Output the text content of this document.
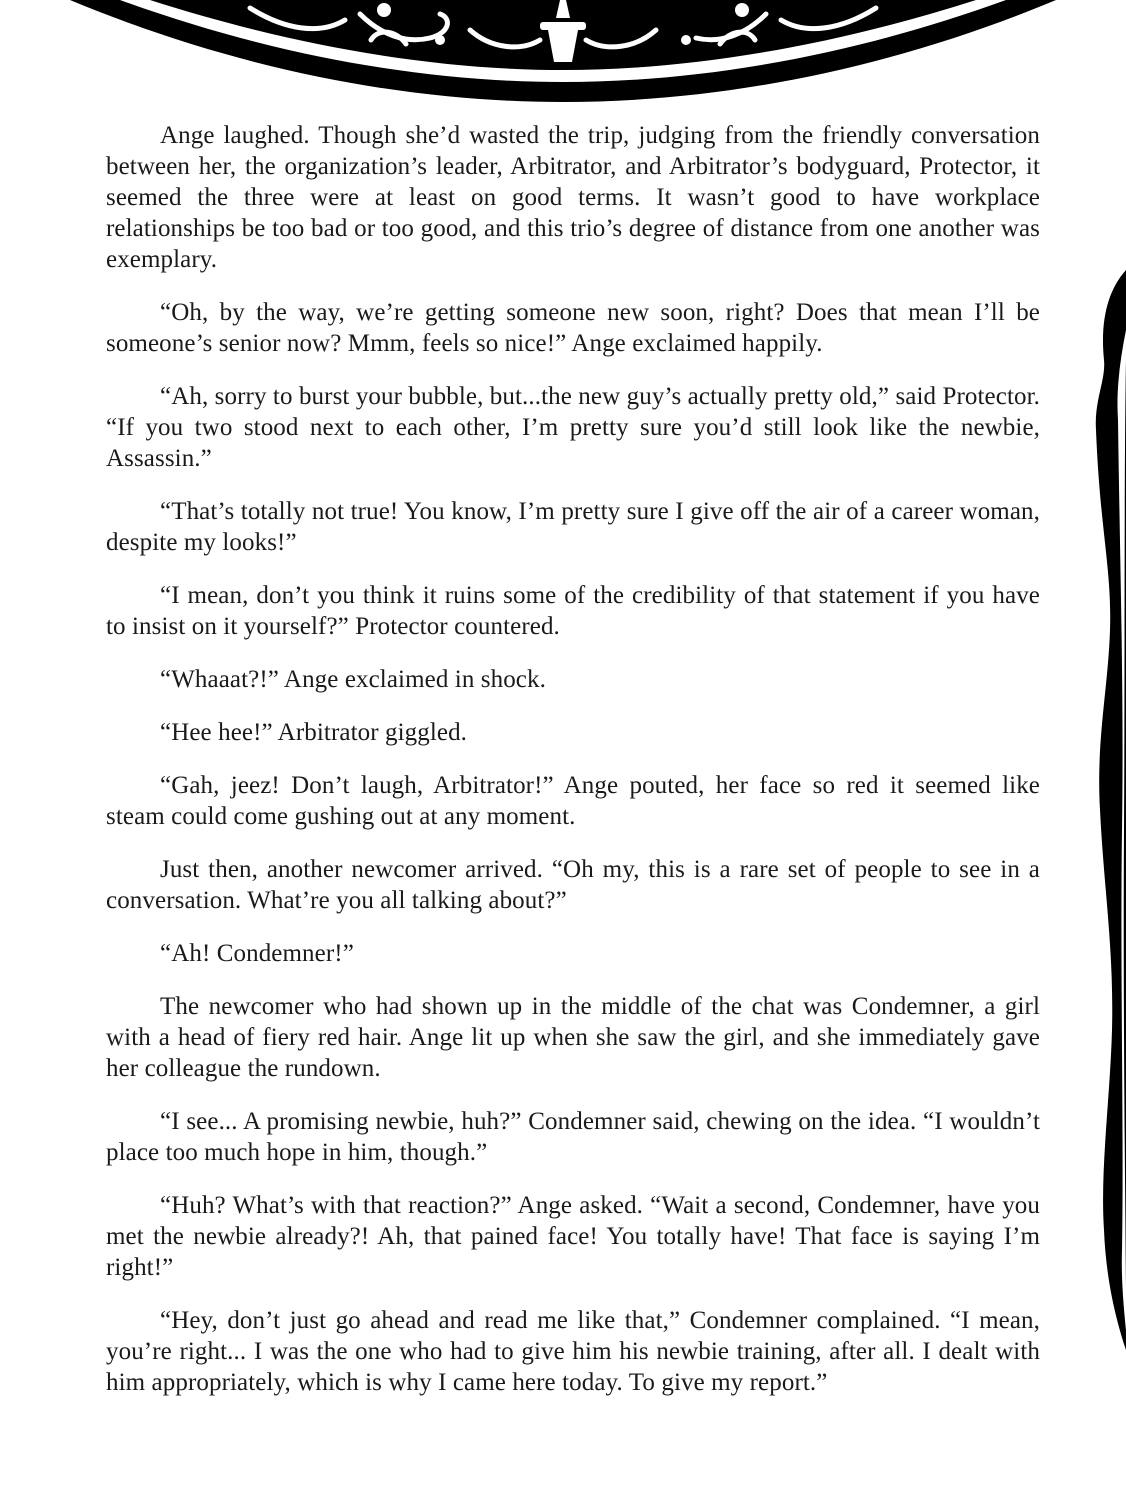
Ange laughed. Though she’d wasted the trip, judging from the friendly conversation between her, the organization’s leader, Arbitrator, and Arbitrator’s bodyguard, Protector, it seemed the three were at least on good terms. It wasn’t good to have workplace relationships be too bad or too good, and this trio’s degree of distance from one another was exemplary.

“Oh, by the way, we’re getting someone new soon, right? Does that mean I’ll be someone’s senior now? Mmm, feels so nice!” Ange exclaimed happily.

“Ah, sorry to burst your bubble, but...the new guy’s actually pretty old,” said Protector. “If you two stood next to each other, I’m pretty sure you’d still look like the newbie, Assassin.”

“That’s totally not true! You know, I’m pretty sure I give off the air of a career woman, despite my looks!”

“I mean, don’t you think it ruins some of the credibility of that statement if you have to insist on it yourself?” Protector countered.

“Whaaat?!” Ange exclaimed in shock.

“Hee hee!” Arbitrator giggled.

“Gah, jeez! Don’t laugh, Arbitrator!” Ange pouted, her face so red it seemed like steam could come gushing out at any moment.

Just then, another newcomer arrived. “Oh my, this is a rare set of people to see in a conversation. What’re you all talking about?”

“Ah! Condemner!”

The newcomer who had shown up in the middle of the chat was Condemner, a girl with a head of fiery red hair. Ange lit up when she saw the girl, and she immediately gave her colleague the rundown.

“I see... A promising newbie, huh?” Condemner said, chewing on the idea. “I wouldn’t place too much hope in him, though.”

“Huh? What’s with that reaction?” Ange asked. “Wait a second, Condemner, have you met the newbie already?! Ah, that pained face! You totally have! That face is saying I’m right!”

“Hey, don’t just go ahead and read me like that,” Condemner complained. “I mean, you’re right... I was the one who had to give him his newbie training, after all. I dealt with him appropriately, which is why I came here today. To give my report.”
